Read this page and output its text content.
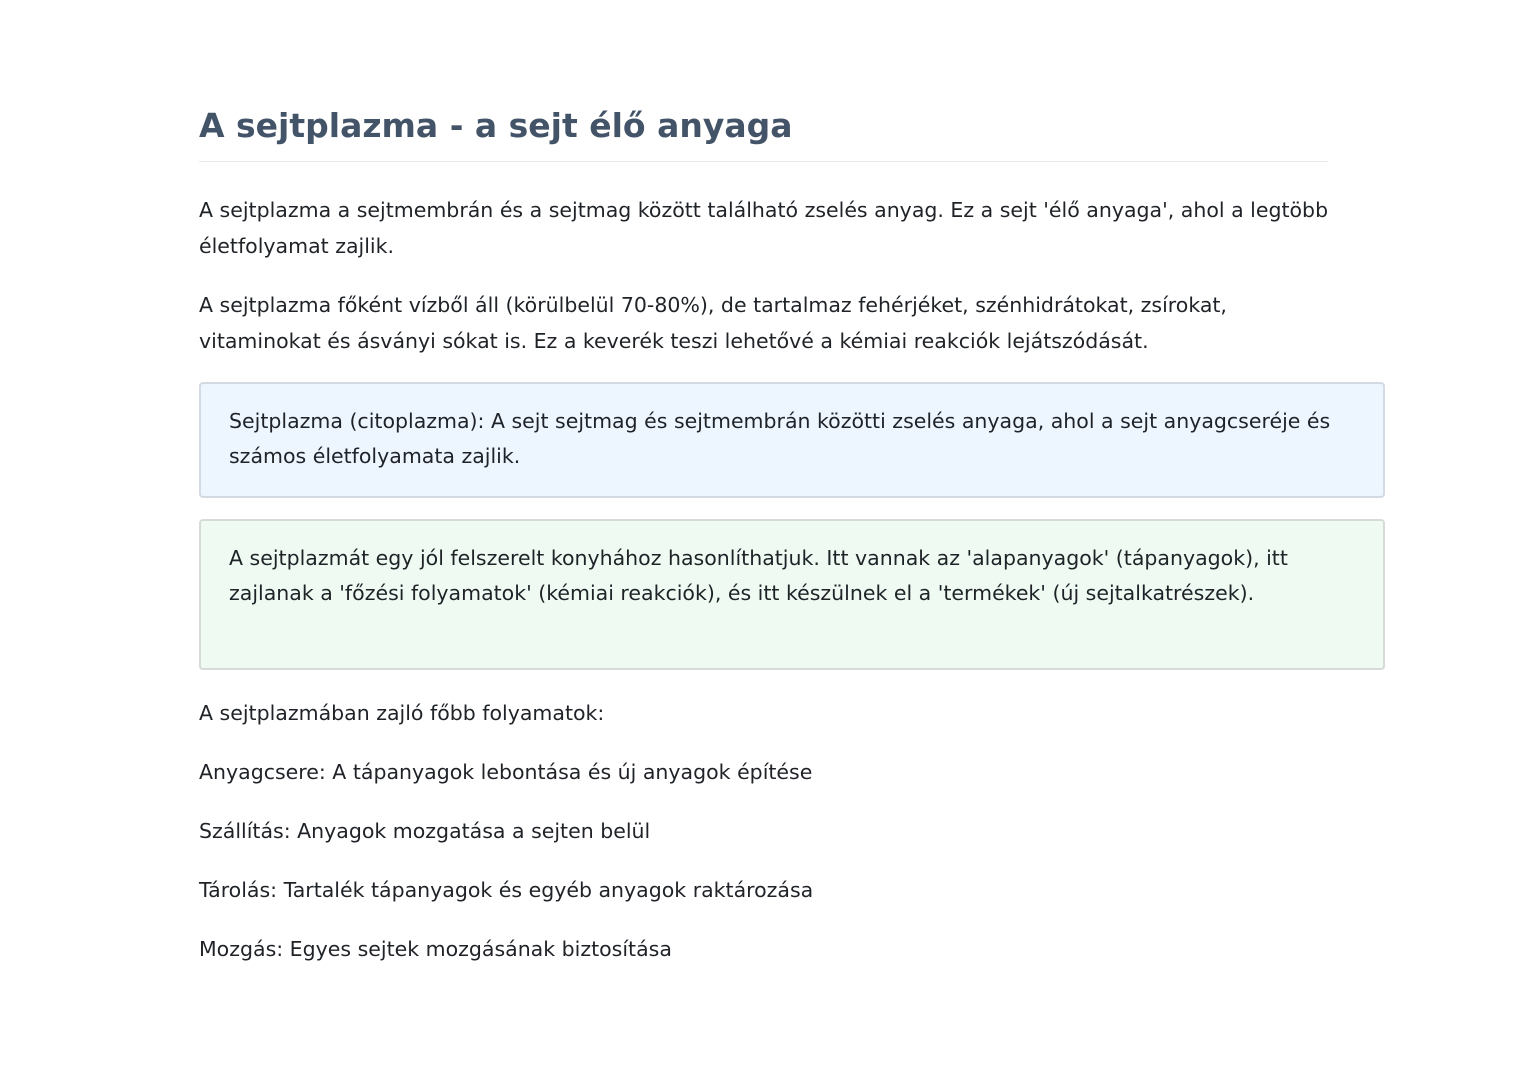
A sejtplazma - a sejt élő anyaga

A sejtplazma a sejtmembrán és a sejtmag között található zselés anyag. Ez a sejt 'élő anyaga', ahol a legtöbb életfolyamat zajlik.

A sejtplazma főként vízből áll (körülbelül 70-80%), de tartalmaz fehérjéket, szénhidrátokat, zsírokat, vitaminokat és ásványi sókat is. Ez a keverék teszi lehetővé a kémiai reakciók lejátszódását.

Sejtplazma (citoplazma): A sejt sejtmag és sejtmembrán közötti zselés anyaga, ahol a sejt anyagcseréje és számos életfolyamata zajlik.
A sejtplazmát egy jól felszerelt konyhához hasonlíthatjuk. Itt vannak az 'alapanyagok' (tápanyagok), itt zajlanak a 'főzési folyamatok' (kémiai reakciók), és itt készülnek el a 'termékek' (új sejtalkatrészek).

A sejtplazmában zajló főbb folyamatok:

Anyagcsere: A tápanyagok lebontása és új anyagok építése
Szállítás: Anyagok mozgatása a sejten belül
Tárolás: Tartalék tápanyagok és egyéb anyagok raktározása
Mozgás: Egyes sejtek mozgásának biztosítása
